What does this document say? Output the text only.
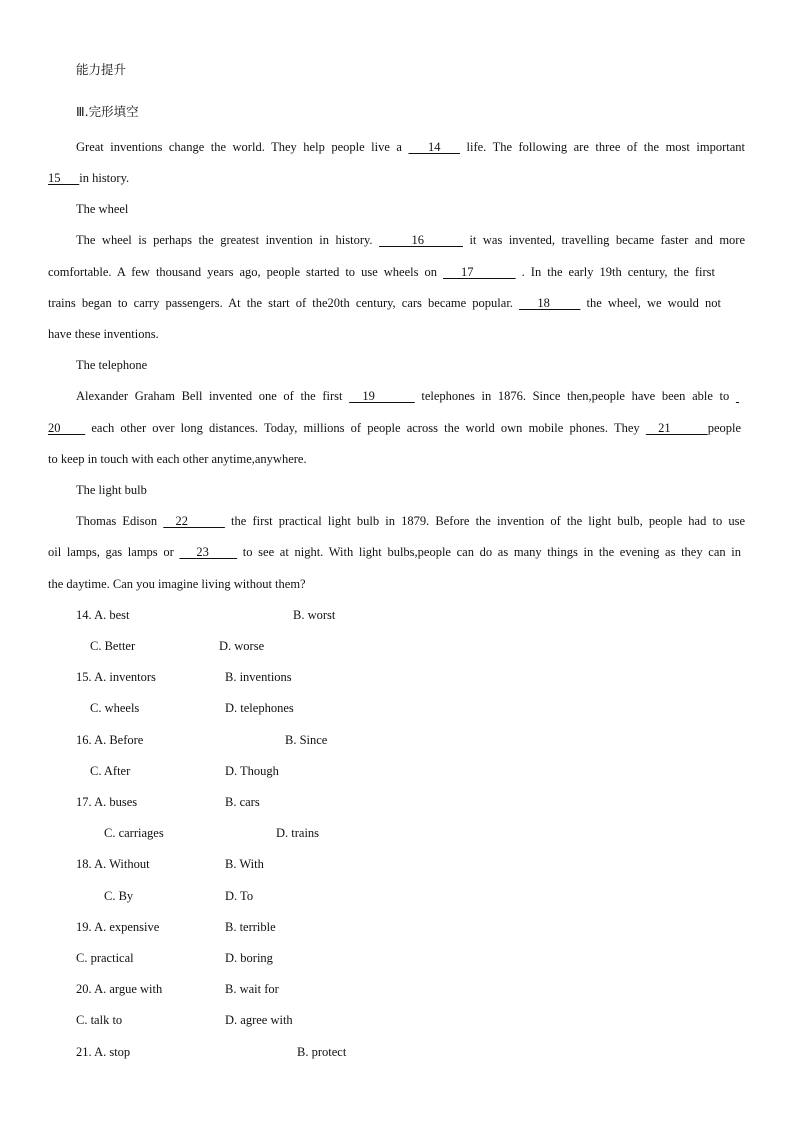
能力提升
Ⅲ.完形填空
Great inventions change the world. They help people live a    14    life. The following are three of the most important
15      in history.
The wheel
The wheel is perhaps the greatest invention in history.      16       it was invented, travelling became faster and more
comfortable. A few thousand years ago, people started to use wheels on    17        . In the early 19th century, the first
trains began to carry passengers. At the start of the20th century, cars became popular.    18      the wheel, we would not
have these inventions.
The telephone
Alexander Graham Bell invented one of the first   19       telephones in 1876. Since then,people have been able to
20     each other over long distances. Today, millions of people across the world own mobile phones. They   21      people
to keep in touch with each other anytime,anywhere.
The light bulb
Thomas Edison   22       the first practical light bulb in 1879. Before the invention of the light bulb, people had to use
oil lamps, gas lamps or    23      to see at night. With light bulbs,people can do as many things in the evening as they can in
the daytime. Can you imagine living without them?
14. A. best	B. worst
C. Better	D. worse
15. A. inventors	B. inventions
C. wheels	D. telephones
16. A. Before	B. Since
C. After	D. Though
17. A. buses	B. cars
C. carriages	D. trains
18. A. Without	B. With
C. By	D. To
19. A. expensive	B. terrible
C. practical	D. boring
20. A. argue with	B. wait for
C. talk to	D. agree with
21. A. stop	B. protect
